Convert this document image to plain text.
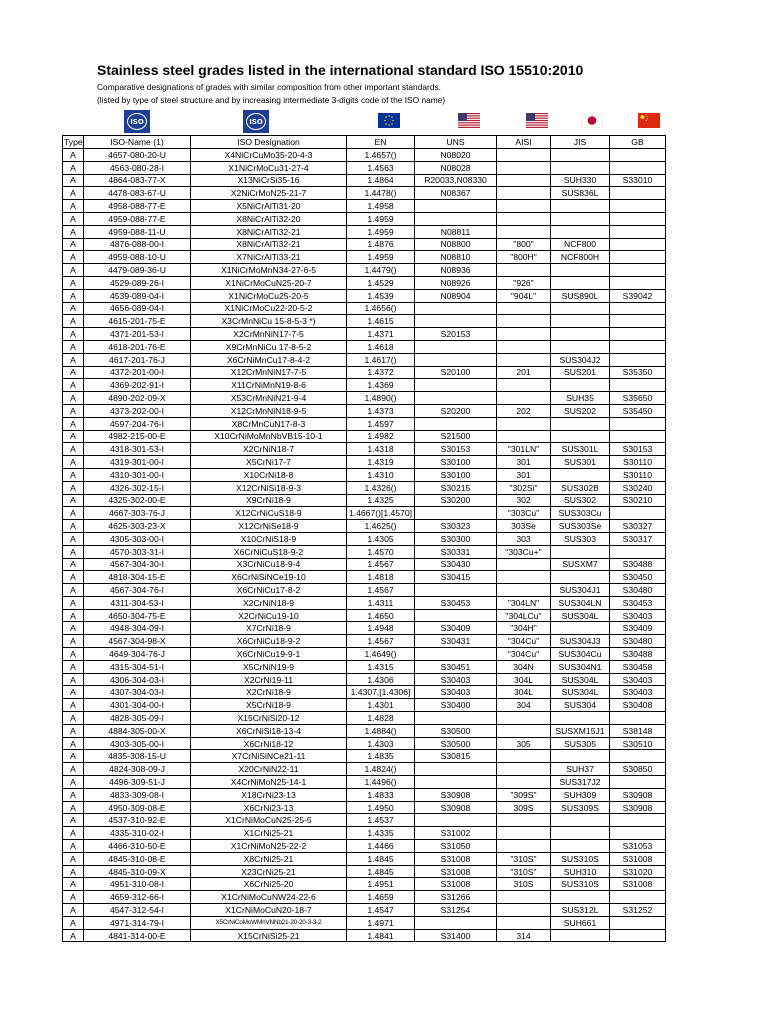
Stainless steel grades listed in the international standard ISO 15510:2010
Comparative designations of grades with similar composition from other important standards.
(listed by type of steel structure and by increasing intermediate 3-digits code of the ISO name)
ISO	ISO
Type	ISO-Name (1)	ISO Designation	EN	UNS	AISI	JIS	GB
A	4657-080-20-U	X4NiCrCuMo35-20-4-3	1.4657()	N08020			
A	4563-080-28-I	X1NiCrMoCu31-27-4	1.4563	N08028			
A	4864-083-77-X	X13NiCrSi35-16	1.4864	R20033,N08330		SUH330	S33010
A	4478-083-67-U	X2NiCrMoN25-21-7	1.4478()	N08367		SUS836L	
A	4958-088-77-E	X5NiCrAlTi31-20	1.4958				
A	4959-088-77-E	X8NiCrAlTi32-20	1.4959				
A	4959-088-11-U	X8NiCrAlTi32-21	1.4959	N08811			
A	4876-088-00-I	X8NiCrAlTi32-21	1.4876	N08800	"800"	NCF800	
A	4959-088-10-U	X7NiCrAlTi33-21	1.4959	N08810	"800H"	NCF800H	
A	4479-089-36-U	X1NiCrMoMnN34-27-6-5	1.4479()	N08936			
A	4529-089-26-I	X1NiCrMoCuN25-20-7	1.4529	N08926	"926"		
A	4539-089-04-I	X1NiCrMoCu25-20-5	1.4539	N08904	"904L"	SUS890L	S39042
A	4656-089-04-I	X1NiCrMoCu22-20-5-2	1.4656()				
A	4615-201-75-E	X3CrMnNiCu 15-8-5-3 *)	1.4615				
A	4371-201-53-I	X2CrMnNiN17-7-5	1.4371	S20153			
A	4618-201-76-E	X9CrMnNiCu 17-8-5-2	1.4618				
A	4617-201-76-J	X6CrNiMnCu17-8-4-2	1.4617()			SUS304J2	
A	4372-201-00-I	X12CrMnNiN17-7-5	1.4372	S20100	201	SUS201	S35350
A	4369-202-91-I	X11CrNiMnN19-8-6	1.4369				
A	4890-202-09-X	X53CrMnNiN21-9-4	1.4890()			SUH35	S35650
A	4373-202-00-I	X12CrMnNiN18-9-5	1.4373	S20200	202	SUS202	S35450
A	4597-204-76-I	X8CrMnCuN17-8-3	1.4597				
A	4982-215-00-E	X10CrNiMoMnNbVB15-10-1	1.4982	S21500			
A	4318-301-53-I	X2CrNiN18-7	1.4318	S30153	"301LN"	SUS301L	S30153
A	4319-301-00-I	X5CrNi17-7	1.4319	S30100	301	SUS301	S30110
A	4310-301-00-I	X10CrNi18-8	1.4310	S30100	301		S30110
A	4326-302-15-I	X12CrNiSi18-9-3	1.4326()	S30215	"302Si"	SUS302B	S30240
A	4325-302-00-E	X9CrNi18-9	1.4325	S30200	302	SUS302	S30210
A	4667-303-76-J	X12CrNiCuS18-9	1.4667()[1.4570]		"303Cu"	SUS303Cu	
A	4625-303-23-X	X12CrNiSe18-9	1.4625()	S30323	303Se	SUS303Se	S30327
A	4305-303-00-I	X10CrNiS18-9	1.4305	S30300	303	SUS303	S30317
A	4570-303-31-I	X6CrNiCuS18-9-2	1.4570	S30331	"303Cu+"		
A	4567-304-30-I	X3CrNiCu18-9-4	1.4567	S30430		SUSXM7	S30488
A	4818-304-15-E	X6CrNiSiNCe19-10	1.4818	S30415			S30450
A	4567-304-76-I	X6CrNiCu17-8-2	1.4567			SUS304J1	S30480
A	4311-304-53-I	X2CrNiN18-9	1.4311	S30453	"304LN"	SUS304LN	S30453
A	4650-304-75-E	X2CrNiCu19-10	1.4650		"304LCu"	SUS304L	S30403
A	4948-304-09-I	X7CrNi18-9	1.4948	S30409	"304H"		S30409
A	4567-304-98-X	X6CrNiCu18-9-2	1.4567	S30431	"304Cu"	SUS304J3	S30480
A	4649-304-76-J	X6CrNiCu19-9-1	1.4649()		"304Cu"	SUS304Cu	S30488
A	4315-304-51-I	X5CrNiN19-9	1.4315	S30451	304N	SUS304N1	S30458
A	4306-304-03-I	X2CrNi19-11	1.4306	S30403	304L	SUS304L	S30403
A	4307-304-03-I	X2CrNi18-9	1.4307,[1.4306]	S30403	304L	SUS304L	S30403
A	4301-304-00-I	X5CrNi18-9	1.4301	S30400	304	SUS304	S30408
A	4828-305-09-I	X15CrNiSi20-12	1.4828				
A	4884-305-00-X	X6CrNiSi18-13-4	1.4884()	S30500		SUSXM15J1	S38148
A	4303-305-00-I	X6CrNi18-12	1.4303	S30500	305	SUS305	S30510
A	4835-308-15-U	X7CrNiSiNCe21-11	1.4835	S30815			
A	4824-308-09-J	X20CrNiN22-11	1.4824()			SUH37	S30850
A	4496-309-51-J	X4CrNiMoN25-14-1	1.4496()			SUS317J2	
A	4833-309-08-I	X18CrNi23-13	1.4833	S30908	"309S"	SUH309	S30908
A	4950-309-08-E	X6CrNi23-13	1.4950	S30908	309S	SUS309S	S30908
A	4537-310-92-E	X1CrNiMoCuN25-25-5	1.4537				
A	4335-310-02-I	X1CrNi25-21	1.4335	S31002			
A	4466-310-50-E	X1CrNiMoN25-22-2	1.4466	S31050			S31053
A	4845-310-08-E	X8CrNi25-21	1.4845	S31008	"310S"	SUS310S	S31008
A	4845-310-09-X	X23CrNi25-21	1.4845	S31008	"310S"	SUH310	S31020
A	4951-310-08-I	X6CrNi25-20	1.4951	S31008	310S	SUS310S	S31008
A	4659-312-66-I	X1CrNiMoCuNW24-22-6	1.4659	S31266			
A	4547-312-54-I	X1CrNiMoCuN20-18-7	1.4547	S31254		SUS312L	S31252
A	4971-314-79-I	X5CrNiCoMoWMnVNNb21-20-20-3-3-2	1.4971			SUH661	
A	4841-314-00-E	X15CrNiSi25-21	1.4841	S31400	314		
